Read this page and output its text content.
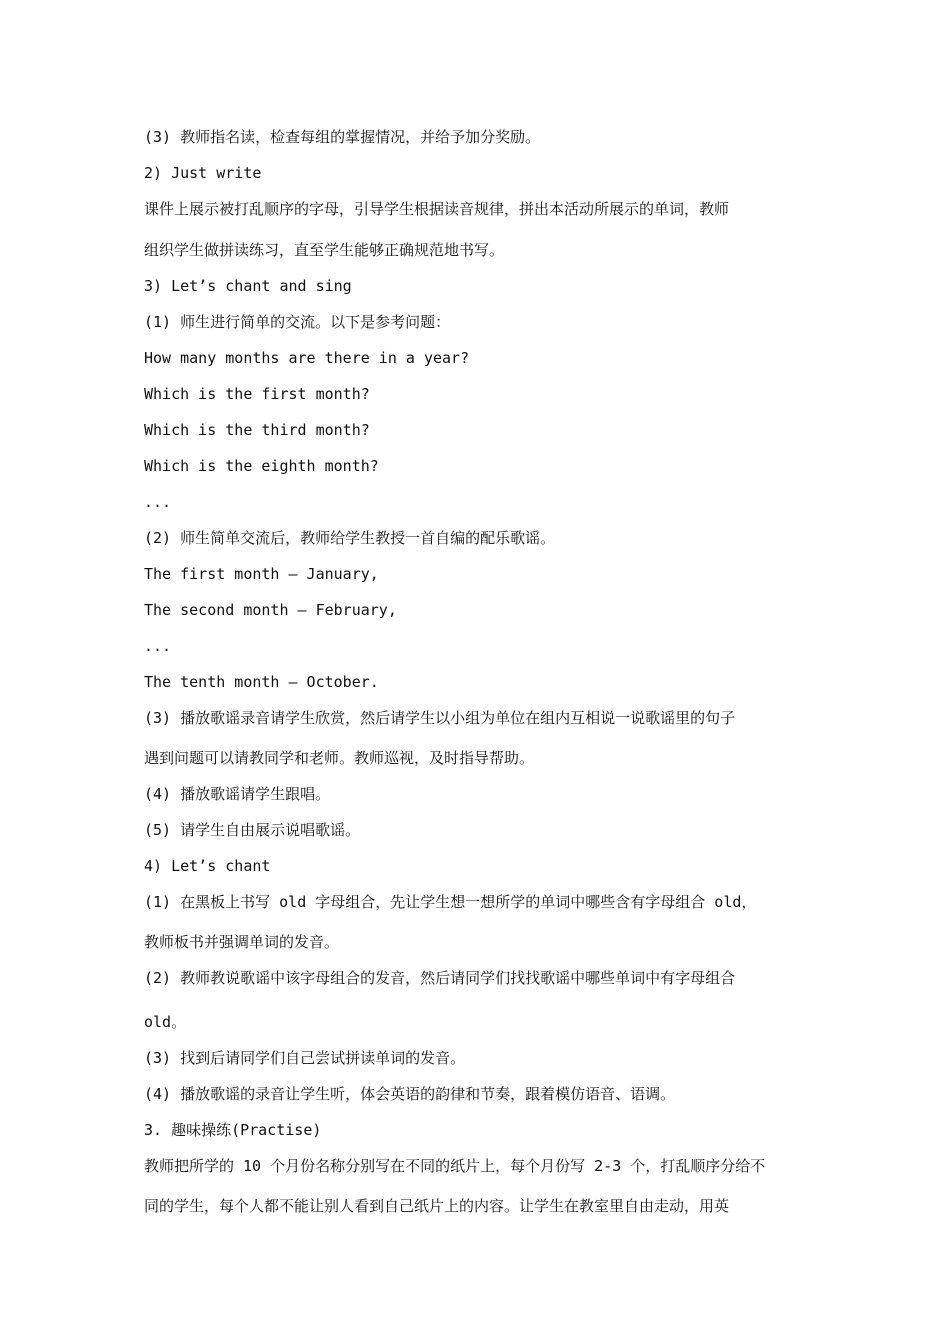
(3) 教师指名读，检查每组的掌握情况，并给予加分奖励。

2) Just write

课件上展示被打乱顺序的字母，引导学生根据读音规律，拼出本活动所展示的单词，教师

组织学生做拼读练习，直至学生能够正确规范地书写。

3) Let’s chant and sing

(1) 师生进行简单的交流。以下是参考问题：

How many months are there in a year?

Which is the first month?

Which is the third month?

Which is the eighth month?

...

(2) 师生简单交流后，教师给学生教授一首自编的配乐歌谣。

The first month — January,

The second month — February,

...

The tenth month — October.

(3) 播放歌谣录音请学生欣赏，然后请学生以小组为单位在组内互相说一说歌谣里的句子

遇到问题可以请教同学和老师。教师巡视，及时指导帮助。

(4) 播放歌谣请学生跟唱。

(5) 请学生自由展示说唱歌谣。

4) Let’s chant

(1) 在黑板上书写 old 字母组合，先让学生想一想所学的单词中哪些含有字母组合 old，

教师板书并强调单词的发音。

(2) 教师教说歌谣中该字母组合的发音，然后请同学们找找歌谣中哪些单词中有字母组合

old。

(3) 找到后请同学们自己尝试拼读单词的发音。

(4) 播放歌谣的录音让学生听，体会英语的韵律和节奏，跟着模仿语音、语调。

3. 趣味操练(Practise)

教师把所学的 10 个月份名称分别写在不同的纸片上，每个月份写 2-3 个，打乱顺序分给不

同的学生，每个人都不能让别人看到自己纸片上的内容。让学生在教室里自由走动，用英
